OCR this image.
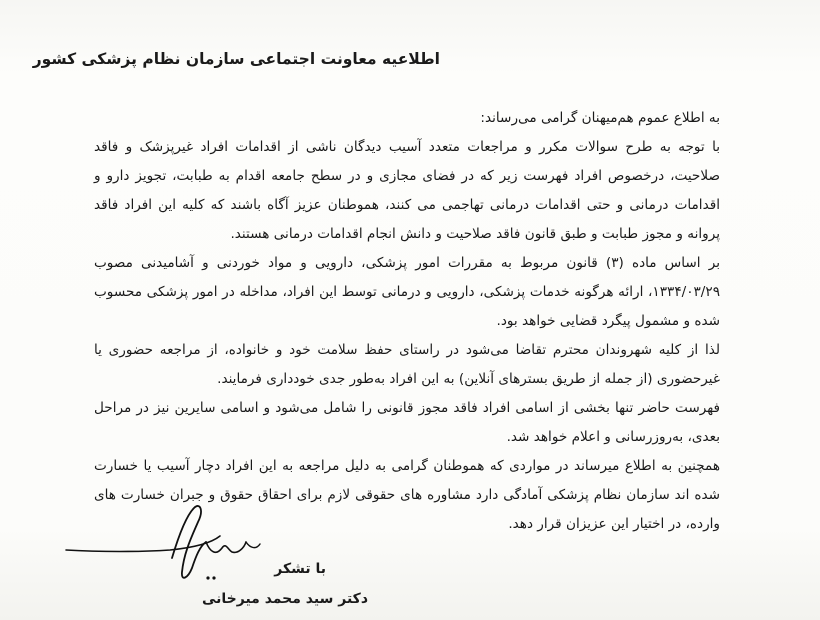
اطلاعیه معاونت اجتماعی سازمان نظام پزشکی کشور

به اطلاع عموم هم‌میهنان گرامی می‌رساند:

با توجه به طرح سوالات مکرر و مراجعات متعدد آسیب دیدگان ناشی از اقدامات افراد غیرپزشک و فاقد صلاحیت، درخصوص افراد فهرست زیر که در فضای مجازی و در سطح جامعه اقدام به طبابت، تجویز دارو و اقدامات درمانی و حتی اقدامات درمانی تهاجمی می کنند، هموطنان عزیز آگاه باشند که کلیه این افراد فاقد پروانه و مجوز طبابت و طبق قانون فاقد صلاحیت و دانش انجام اقدامات درمانی هستند.

بر اساس ماده (۳) قانون مربوط به مقررات امور پزشکی، دارویی و مواد خوردنی و آشامیدنی مصوب ۱۳۳۴/۰۳/۲۹، ارائه هرگونه خدمات پزشکی، دارویی و درمانی توسط این افراد، مداخله در امور پزشکی محسوب شده و مشمول پیگرد قضایی خواهد بود.

لذا از کلیه شهروندان محترم تقاضا می‌شود در راستای حفظ سلامت خود و خانواده، از مراجعه حضوری یا غیرحضوری (از جمله از طریق بسترهای آنلاین) به این افراد به‌طور جدی خودداری فرمایند.

فهرست حاضر تنها بخشی از اسامی افراد فاقد مجوز قانونی را شامل می‌شود و اسامی سایرین نیز در مراحل بعدی، به‌روزرسانی و اعلام خواهد شد.

همچنین به اطلاع میرساند در مواردی که هموطنان گرامی به دلیل مراجعه به این افراد دچار آسیب یا خسارت شده اند سازمان نظام پزشکی آمادگی دارد مشاوره های حقوقی لازم برای احقاق حقوق و جبران خسارت های وارده، در اختیار این عزیزان قرار دهد.

با تشکر
دکتر سید محمد میرخانی
